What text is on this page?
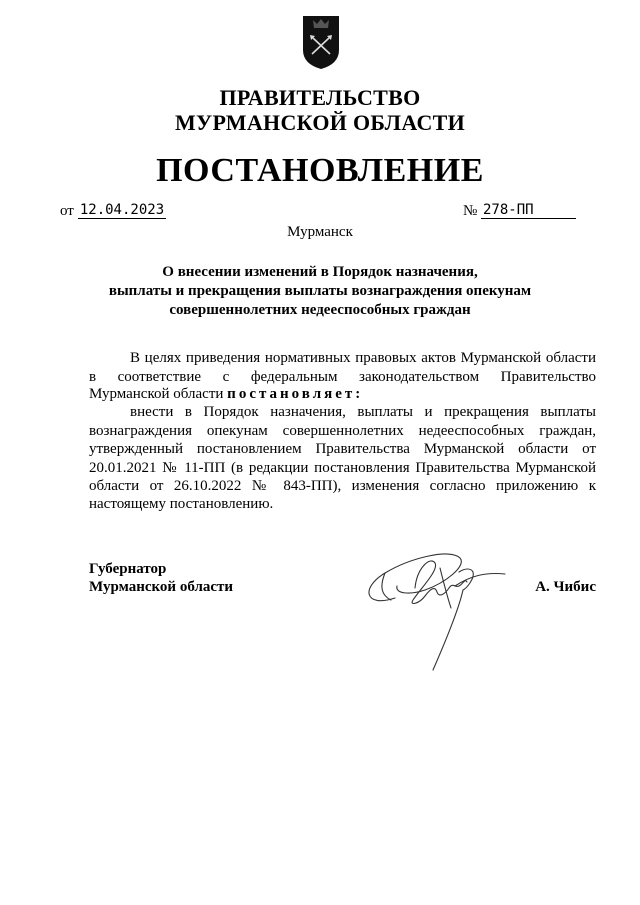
ПРАВИТЕЛЬСТВО
МУРМАНСКОЙ ОБЛАСТИ
ПОСТАНОВЛЕНИЕ
от 12.04.2023	№ 278-ПП
Мурманск
О внесении изменений в Порядок назначения,
выплаты и прекращения выплаты вознаграждения опекунам
совершеннолетних недееспособных граждан
В целях приведения нормативных правовых актов Мурманской области
в соответствие с федеральным законодательством Правительство
Мурманской области постановляет:
внести в Порядок назначения, выплаты и прекращения выплаты
вознаграждения опекунам совершеннолетних недееспособных граждан,
утвержденный постановлением Правительства Мурманской области от
20.01.2021 № 11-ПП (в редакции постановления Правительства Мурманской
области от 26.10.2022 № 843-ПП), изменения согласно приложению к
настоящему постановлению.
Губернатор
Мурманской области	А. Чибис
